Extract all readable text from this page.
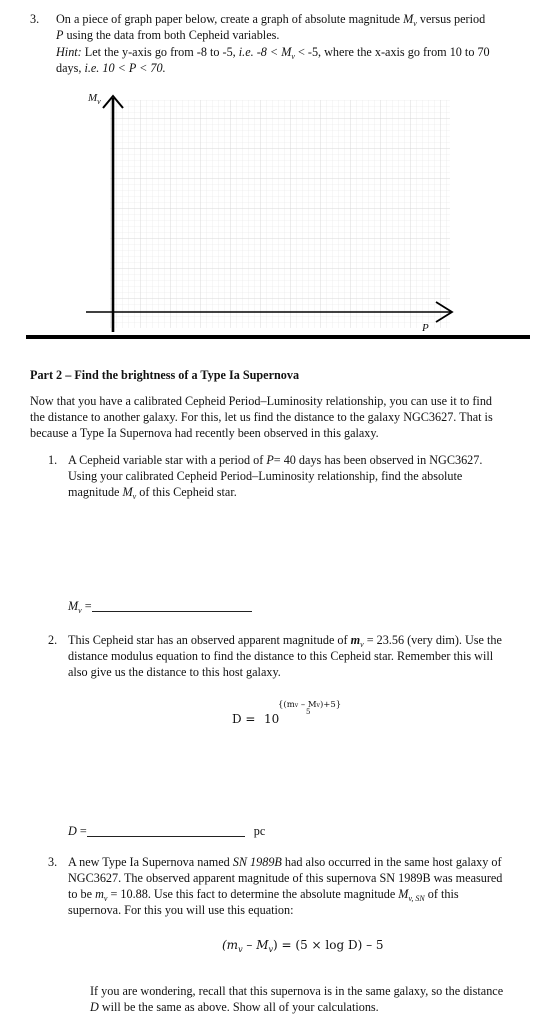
3. On a piece of graph paper below, create a graph of absolute magnitude $M_v$ versus period
P using the data from both Cepheid variables.
Hint: Let the y-axis go from -8 to -5, i.e. $-8 < M_v < -5$, where the x-axis go from 10 to 70
days, i.e. 10 < P < 70.
$M_v$
P
Part 2 – Find the brightness of a Type Ia Supernova
Now that you have a calibrated Cepheid Period–Luminosity relationship, you can use it to find
the distance to another galaxy. For this, let us find the distance to the galaxy NGC3627. That is
because a Type Ia Supernova had recently been observed in this galaxy.
1. A Cepheid variable star with a period of P= 40 days has been observed in NGC3627.
Using your calibrated Cepheid Period–Luminosity relationship, find the absolute
magnitude $M_v$ of this Cepheid star.
$M_v$ =
2. This Cepheid star has an observed apparent magnitude of $m_v = 23.56$ (very dim). Use the
distance modulus equation to find the distance to this Cepheid star. Remember this will
also give us the distance to this host galaxy.
D = 10
{(mv – Mv)+5}
5
D =	pc
3. A new Type Ia Supernova named SN 1989B had also occurred in the same host galaxy of
NGC3627. The observed apparent magnitude of this supernova SN 1989B was measured
to be $m_v = 10.88$. Use this fact to determine the absolute magnitude $M_{v, SN}$ of this
supernova. For this you will use this equation:
$(m_v - M_v) = (5 \times \log D) - 5$
If you are wondering, recall that this supernova is in the same galaxy, so the distance
D will be the same as above. Show all of your calculations.
